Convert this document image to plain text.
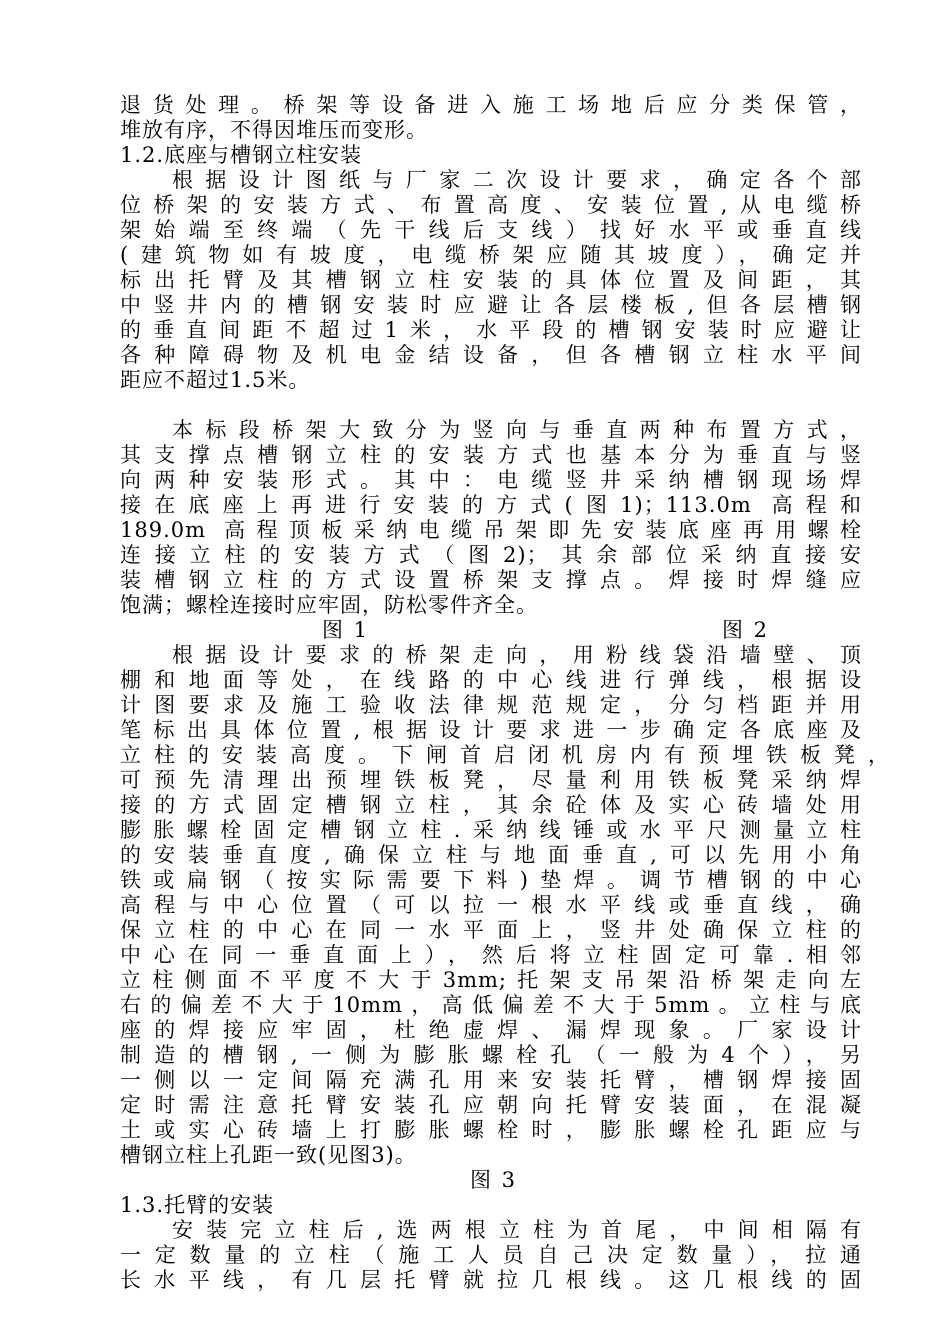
退货处理。桥架等设备进入施工场地后应分类保管，
堆放有序，不得因堆压而变形。
1.2.底座与槽钢立柱安装
根据设计图纸与厂家二次设计要求，确定各个部
位桥架的安装方式、布置高度、安装位置,从电缆桥
架始端至终端（先干线后支线）找好水平或垂直线
(建筑物如有坡度，电缆桥架应随其坡度），确定并
标出托臂及其槽钢立柱安装的具体位置及间距，其
中竖井内的槽钢安装时应避让各层楼板,但各层槽钢
的垂直间距不超过1米，水平段的槽钢安装时应避让
各种障碍物及机电金结设备，但各槽钢立柱水平间
距应不超过1.5米。
本标段桥架大致分为竖向与垂直两种布置方式，
其支撑点槽钢立柱的安装方式也基本分为垂直与竖
向两种安装形式。其中：电缆竖井采纳槽钢现场焊
接在底座上再进行安装的方式(图1)；113.0m 高程和
189.0m 高程顶板采纳电缆吊架即先安装底座再用螺栓
连接立柱的安装方式（图2)；其余部位采纳直接安
装槽钢立柱的方式设置桥架支撑点。焊接时焊缝应
饱满；螺栓连接时应牢固，防松零件齐全。
图 1	图 2
根据设计要求的桥架走向，用粉线袋沿墙壁、顶
棚和地面等处，在线路的中心线进行弹线，根据设
计图要求及施工验收法律规范规定，分匀档距并用
笔标出具体位置,根据设计要求进一步确定各底座及
立柱的安装高度。下闸首启闭机房内有预埋铁板凳，
可预先清理出预埋铁板凳，尽量利用铁板凳采纳焊
接的方式固定槽钢立柱，其余砼体及实心砖墙处用
膨胀螺栓固定槽钢立柱.采纳线锤或水平尺测量立柱
的安装垂直度,确保立柱与地面垂直,可以先用小角
铁或扁钢（按实际需要下料)垫焊。调节槽钢的中心
高程与中心位置（可以拉一根水平线或垂直线，确
保立柱的中心在同一水平面上，竖井处确保立柱的
中心在同一垂直面上），然后将立柱固定可靠.相邻
立柱侧面不平度不大于3mm;托架支吊架沿桥架走向左
右的偏差不大于10mm，高低偏差不大于5mm。立柱与底
座的焊接应牢固，杜绝虚焊、漏焊现象。厂家设计
制造的槽钢,一侧为膨胀螺栓孔（一般为4个），另
一侧以一定间隔充满孔用来安装托臂，槽钢焊接固
定时需注意托臂安装孔应朝向托臂安装面，在混凝
土或实心砖墙上打膨胀螺栓时，膨胀螺栓孔距应与
槽钢立柱上孔距一致(见图3)。
图 3
1.3.托臂的安装
安装完立柱后,选两根立柱为首尾，中间相隔有
一定数量的立柱（施工人员自己决定数量），拉通
长水平线，有几层托臂就拉几根线。这几根线的固
